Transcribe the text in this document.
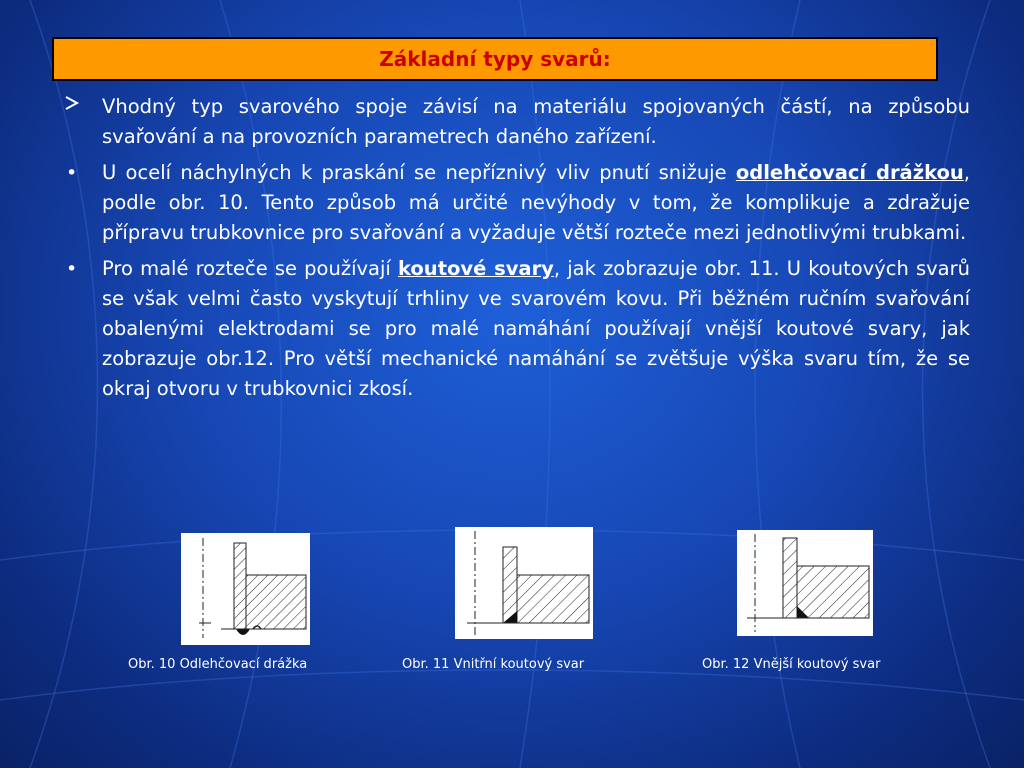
Základní typy svarů:
Vhodný typ svarového spoje závisí na materiálu spojovaných částí, na způsobu svařování a na provozních parametrech daného zařízení.
• U ocelí náchylných k praskání se nepříznivý vliv pnutí snižuje odlehčovací drážkou, podle obr. 10. Tento způsob má určité nevýhody v tom, že komplikuje a zdražuje přípravu trubkovnice pro svařování a vyžaduje větší rozteče mezi jednotlivými trubkami.
• Pro malé rozteče se používají koutové svary, jak zobrazuje obr. 11. U koutových svarů se však velmi často vyskytují trhliny ve svarovém kovu. Při běžném ručním svařování obalenými elektrodami se pro malé namáhání používají vnější koutové svary, jak zobrazuje obr.12. Pro větší mechanické namáhání se zvětšuje výška svaru tím, že se okraj otvoru v trubkovnici zkosí.
Obr. 10 Odlehčovací drážka	Obr. 11 Vnitřní koutový svar	Obr. 12 Vnější koutový svar
